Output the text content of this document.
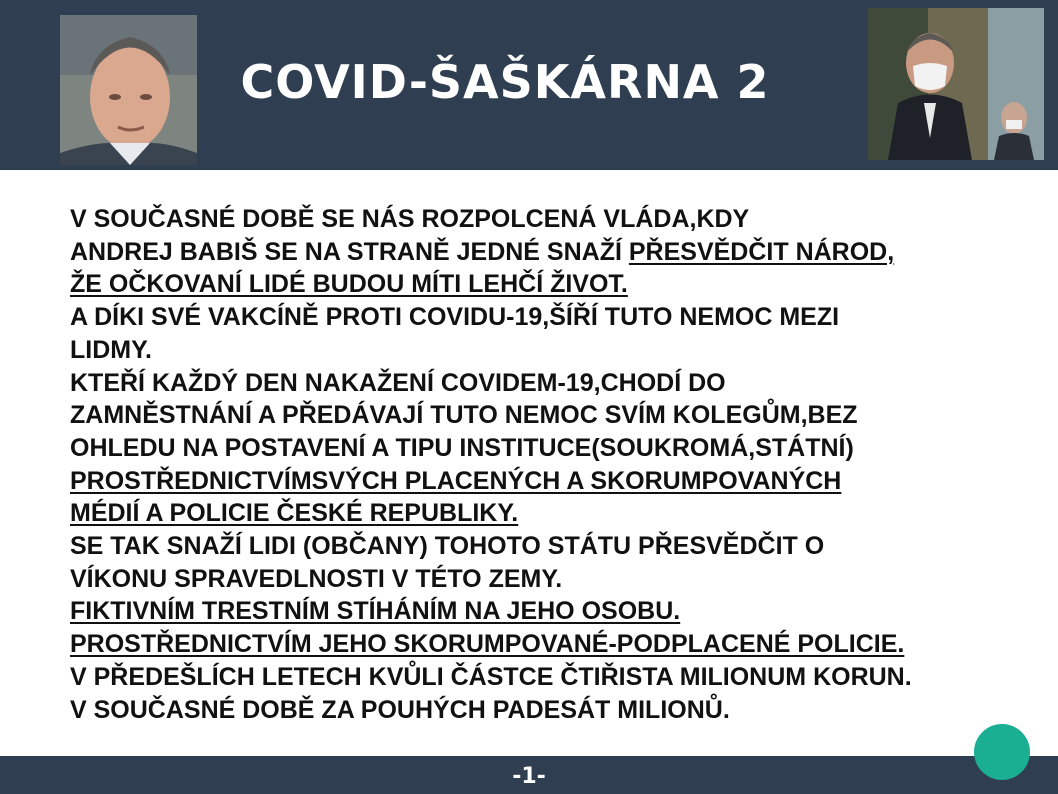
COVID-ŠAŠKÁRNA 2
V SOUČASNÉ DOBĚ SE NÁS ROZPOLCENÁ VLÁDA,KDY
ANDREJ BABIŠ SE NA STRANĚ JEDNÉ SNAŽÍ PŘESVĚDČIT NÁROD,
ŽE OČKOVANÍ LIDÉ BUDOU MÍTI LEHČÍ ŽIVOT.
A DÍKI SVÉ VAKCÍNĚ PROTI COVIDU-19,ŠÍŘÍ TUTO NEMOC MEZI
LIDMY.
KTEŘÍ KAŽDÝ DEN NAKAŽENÍ COVIDEM-19,CHODÍ DO
ZAMNĚSTNÁNÍ A PŘEDÁVAJÍ TUTO NEMOC SVÍM KOLEGŮM,BEZ
OHLEDU NA POSTAVENÍ A TIPU INSTITUCE(SOUKROMÁ,STÁTNÍ)
PROSTŘEDNICTVÍMSVÝCH PLACENÝCH A SKORUMPOVANÝCH
MÉDIÍ A POLICIE ČESKÉ REPUBLIKY.
SE TAK SNAŽÍ LIDI (OBČANY) TOHOTO STÁTU PŘESVĚDČIT O
VÍKONU SPRAVEDLNOSTI V TÉTO ZEMY.
FIKTIVNÍM TRESTNÍM STÍHÁNÍM NA JEHO OSOBU.
PROSTŘEDNICTVÍM JEHO SKORUMPOVANÉ-PODPLACENÉ POLICIE.
V PŘEDEŠLÍCH LETECH KVŮLI ČÁSTCE ČTIŘISTA MILIONUM KORUN.
V SOUČASNÉ DOBĚ ZA POUHÝCH PADESÁT MILIONŮ.
-1-
